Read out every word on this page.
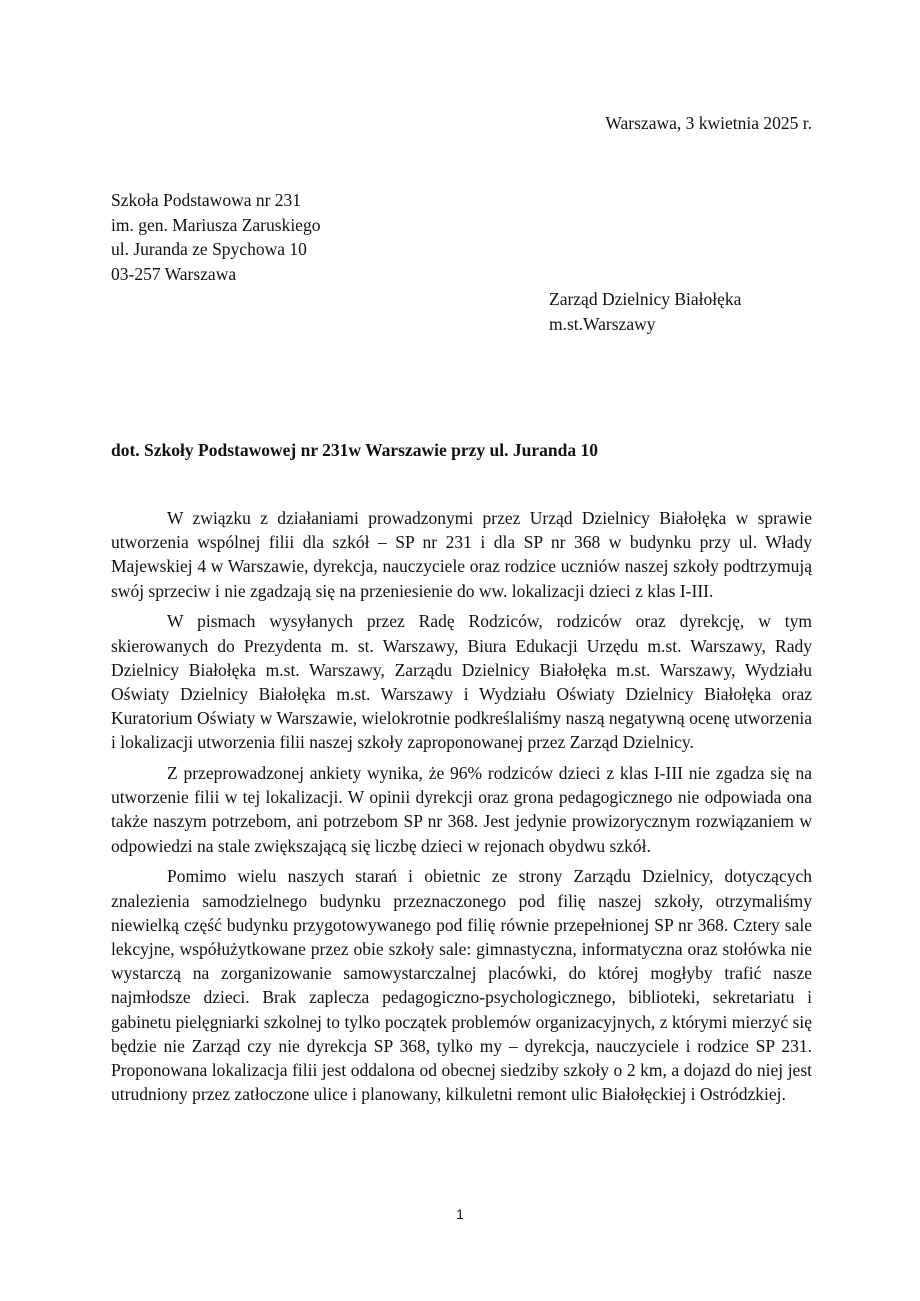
Warszawa, 3 kwietnia 2025 r.
Szkoła Podstawowa nr 231
im. gen. Mariusza Zaruskiego
ul. Juranda ze Spychowa 10
03-257 Warszawa
Zarząd Dzielnicy Białołęka
m.st.Warszawy
dot. Szkoły Podstawowej nr 231w Warszawie przy ul. Juranda 10

W związku z działaniami prowadzonymi przez Urząd Dzielnicy Białołęka w sprawie utworzenia wspólnej filii dla szkół – SP nr 231 i dla SP nr 368 w budynku przy ul. Włady Majewskiej 4 w Warszawie, dyrekcja, nauczyciele oraz rodzice uczniów naszej szkoły podtrzymują swój sprzeciw i nie zgadzają się na przeniesienie do ww. lokalizacji dzieci z klas I-III.

W pismach wysyłanych przez Radę Rodziców, rodziców oraz dyrekcję, w tym skierowanych do Prezydenta m. st. Warszawy, Biura Edukacji Urzędu m.st. Warszawy, Rady Dzielnicy Białołęka m.st. Warszawy, Zarządu Dzielnicy Białołęka m.st. Warszawy, Wydziału Oświaty Dzielnicy Białołęka m.st. Warszawy i Wydziału Oświaty Dzielnicy Białołęka oraz Kuratorium Oświaty w Warszawie, wielokrotnie podkreślaliśmy naszą negatywną ocenę utworzenia i lokalizacji utworzenia filii naszej szkoły zaproponowanej przez Zarząd Dzielnicy.

Z przeprowadzonej ankiety wynika, że 96% rodziców dzieci z klas I-III nie zgadza się na utworzenie filii w tej lokalizacji. W opinii dyrekcji oraz grona pedagogicznego nie odpowiada ona także naszym potrzebom, ani potrzebom SP nr 368. Jest jedynie prowizorycznym rozwiązaniem w odpowiedzi na stale zwiększającą się liczbę dzieci w rejonach obydwu szkół.

Pomimo wielu naszych starań i obietnic ze strony Zarządu Dzielnicy, dotyczących znalezienia samodzielnego budynku przeznaczonego pod filię naszej szkoły, otrzymaliśmy niewielką część budynku przygotowywanego pod filię równie przepełnionej SP nr 368. Cztery sale lekcyjne, współużytkowane przez obie szkoły sale: gimnastyczna, informatyczna oraz stołówka nie wystarczą na zorganizowanie samowystarczalnej placówki, do której mogłyby trafić nasze najmłodsze dzieci. Brak zaplecza pedagogiczno-psychologicznego, biblioteki, sekretariatu i gabinetu pielęgniarki szkolnej to tylko początek problemów organizacyjnych, z którymi mierzyć się będzie nie Zarząd czy nie dyrekcja SP 368, tylko my – dyrekcja, nauczyciele i rodzice SP 231. Proponowana lokalizacja filii jest oddalona od obecnej siedziby szkoły o 2 km, a dojazd do niej jest utrudniony przez zatłoczone ulice i planowany, kilkuletni remont ulic Białołęckiej i Ostródzkiej.

1
